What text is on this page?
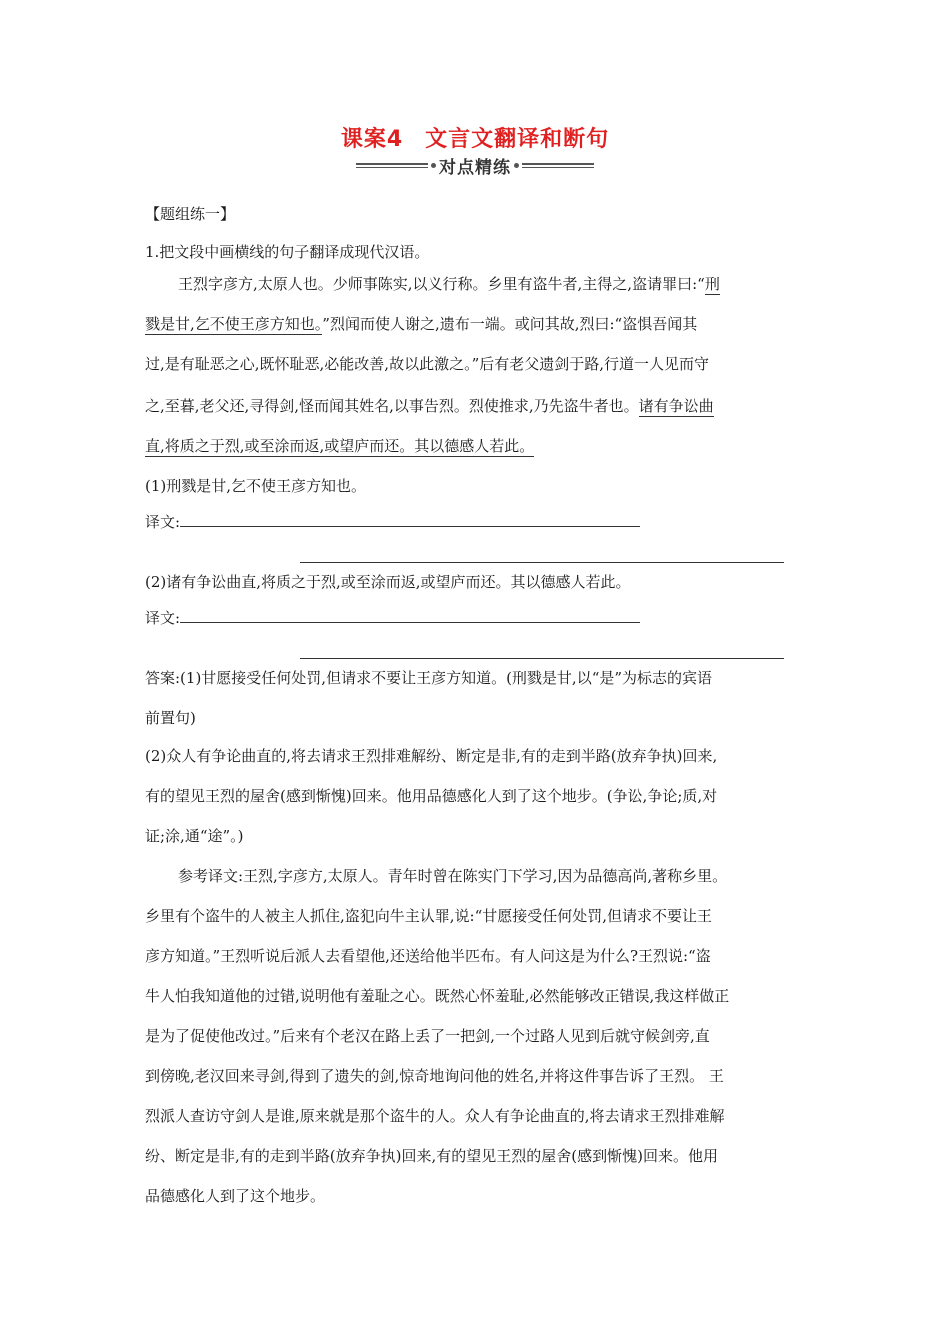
课案4 文言文翻译和断句
对点精练
【题组练一】
1.把文段中画横线的句子翻译成现代汉语。
王烈字彦方,太原人也。少师事陈实,以义行称。乡里有盗牛者,主得之,盗请罪曰:“刑
戮是甘,乞不使王彦方知也。”烈闻而使人谢之,遗布一端。或问其故,烈曰:“盗惧吾闻其
过,是有耻恶之心,既怀耻恶,必能改善,故以此激之。”后有老父遗剑于路,行道一人见而守
之,至暮,老父还,寻得剑,怪而闻其姓名,以事告烈。烈使推求,乃先盗牛者也。诸有争讼曲
直,将质之于烈,或至涂而返,或望庐而还。其以德感人若此。
(1)刑戮是甘,乞不使王彦方知也。
译文:
(2)诸有争讼曲直,将质之于烈,或至涂而返,或望庐而还。其以德感人若此。
译文:
答案:(1)甘愿接受任何处罚,但请求不要让王彦方知道。(刑戮是甘,以“是”为标志的宾语
前置句)
(2)众人有争论曲直的,将去请求王烈排难解纷、断定是非,有的走到半路(放弃争执)回来,
有的望见王烈的屋舍(感到惭愧)回来。他用品德感化人到了这个地步。(争讼,争论;质,对
证;涂,通“途”。)
参考译文:王烈,字彦方,太原人。青年时曾在陈实门下学习,因为品德高尚,著称乡里。
乡里有个盗牛的人被主人抓住,盗犯向牛主认罪,说:“甘愿接受任何处罚,但请求不要让王
彦方知道。”王烈听说后派人去看望他,还送给他半匹布。有人问这是为什么?王烈说:“盗
牛人怕我知道他的过错,说明他有羞耻之心。既然心怀羞耻,必然能够改正错误,我这样做正
是为了促使他改过。”后来有个老汉在路上丢了一把剑,一个过路人见到后就守候剑旁,直
到傍晚,老汉回来寻剑,得到了遗失的剑,惊奇地询问他的姓名,并将这件事告诉了王烈。 王
烈派人查访守剑人是谁,原来就是那个盗牛的人。众人有争论曲直的,将去请求王烈排难解
纷、断定是非,有的走到半路(放弃争执)回来,有的望见王烈的屋舍(感到惭愧)回来。他用
品德感化人到了这个地步。
